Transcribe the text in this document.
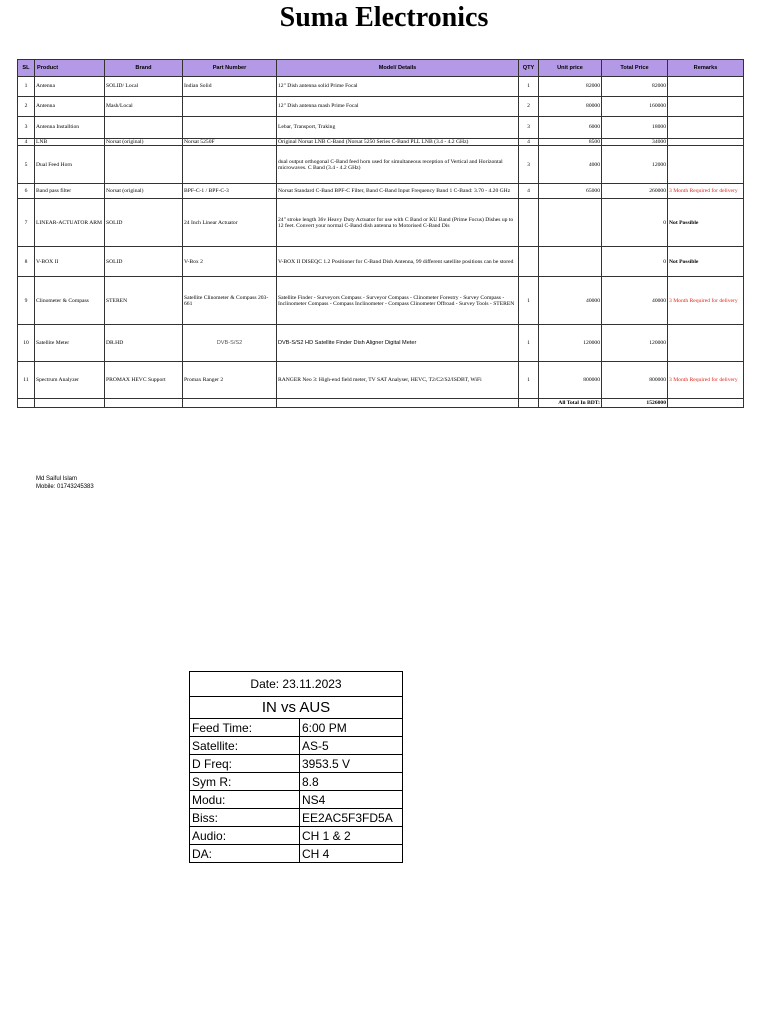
Suma Electronics
SL	Product	Brand	Part Number	Model/ Details	QTY	Unit price	Total Price	Remarks
1	Antenna	SOLID/ Local	Indian Solid	12" Dish antenna solid Prime Focal	1	82000	82000	
2	Antenna	Mash/Local		12" Dish antenna mash Prime Focal	2	80000	160000	
3	Antenna Installtion			Lebar, Transport, Traking	3	6000	18000	
4	LNB	Norsat (original)	Norsat 5250F	Original Norsat LNB C-Band (Norsat 5250 Series C-Band PLL LNB (3.4 - 4.2 GHz)	4	8500	34000	
5	Dual Feed Horn			dual output orthogonal C-Band feed horn used for simultaneous reception of Vertical and Horizontal microwaves. C Band (3.4 - 4.2 GHz)	3	4000	12000	
6	Band pass filter	Norsat (original)	BPF-C-1 / BPF-C-3	Norsat Standard C-Band BPF-C Filter, Band C-Band Input Frequency Band 1 C-Band: 3.70 - 4.20 GHz	4	65000	260000	3 Month Required for delivery
7	LINEAR-ACTUATOR ARM	SOLID	24 Inch Linear Actuator	24" stroke length 36v Heavy Duty Actuator for use with C Band or KU Band (Prime Focus) Dishes up to 12 feet. Convert your normal C-Band dish antenna to Motorised C-Band Dis			0	Not Possible
8	V-BOX II	SOLID	V-Box 2	V-BOX II DISEQC 1.2 Positioner for C-Band Dish Antenna, 99 different satellite positions can be stored			0	Not Possible
9	Clinometer & Compass	STEREN	Satellite Clinometer & Compass 203-661	Satellite Finder - Surveyors Compass - Surveyor Compass - Clinometer Forestry - Survey Compass - Inclinometer Compass - Compass Inclinometer - Compass Clinometer Offroad - Survey Tools - STEREN	1	40000	40000	3 Month Required for delivery
10	Satellite Meter	DR.HD	DVB-S/S2	DVB-S/S2 HD Satellite Finder Dish Aligner Digital Meter	1	120000	120000	
11	Spectrum Analyzer	PROMAX HEVC Support	Promax Ranger 2	RANGER Neo 3: High-end field meter, TV SAT Analyser, HEVC, T2/C2/S2/ISDBT, WiFi	1	800000	800000	3 Month Required for delivery
						All Total In BDT:	1526000	
Md Saiful Islam
Mobile: 01743245383
Date: 23.11.2023	
IN vs AUS	
Feed Time:	6:00 PM
Satellite:	AS-5
D Freq:	3953.5 V
Sym R:	8.8
Modu:	NS4
Biss:	EE2AC5F3FD5A
Audio:	CH 1 & 2
DA:	CH 4
